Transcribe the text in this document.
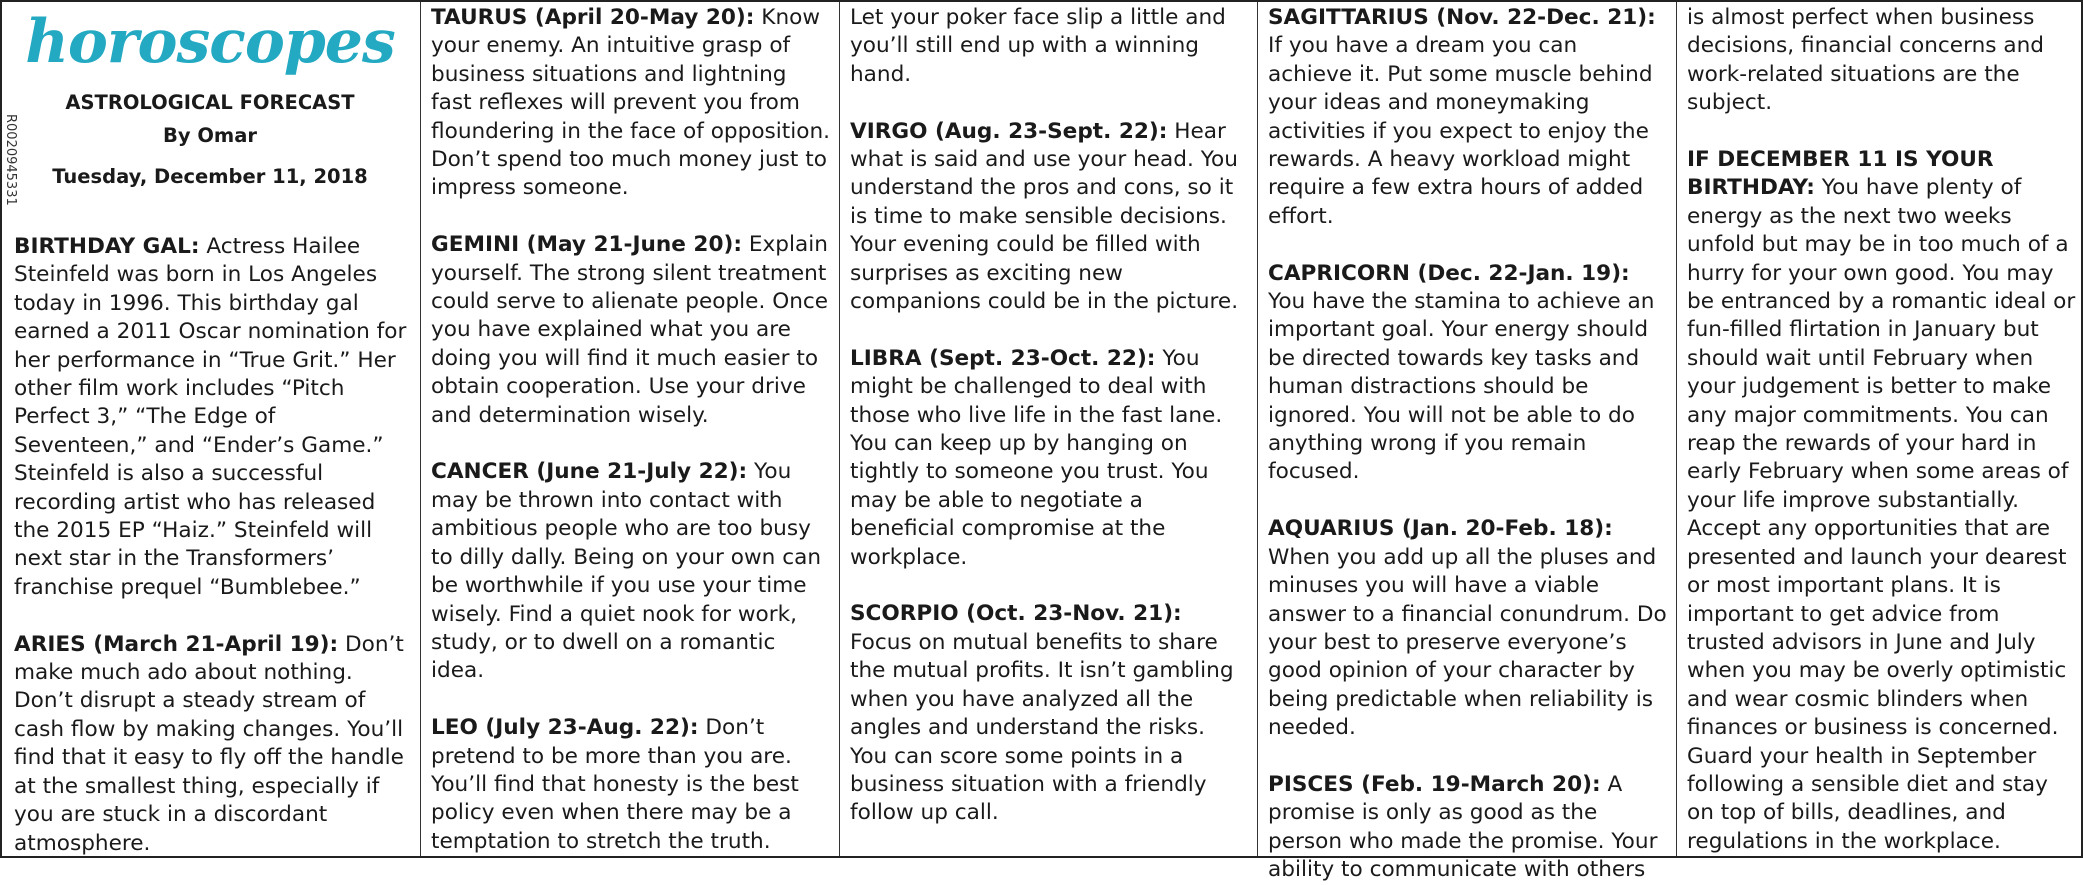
R0020945331
horoscopes
ASTROLOGICAL FORECAST
By Omar
Tuesday, December 11, 2018

BIRTHDAY GAL: Actress Hailee Steinfeld was born in Los Angeles today in 1996. This birthday gal earned a 2011 Oscar nomination for her performance in “True Grit.” Her other film work includes “Pitch Perfect 3,” “The Edge of Seventeen,” and “Ender’s Game.” Steinfeld is also a successful recording artist who has released the 2015 EP “Haiz.” Steinfeld will next star in the Transformers’ franchise prequel “Bumblebee.”

ARIES (March 21-April 19): Don’t make much ado about nothing. Don’t disrupt a steady stream of cash flow by making changes. You’ll find that it easy to fly off the handle at the smallest thing, especially if you are stuck in a discordant atmosphere.

TAURUS (April 20-May 20): Know your enemy. An intuitive grasp of business situations and lightning fast reflexes will prevent you from floundering in the face of opposition. Don’t spend too much money just to impress someone.

GEMINI (May 21-June 20): Explain yourself. The strong silent treatment could serve to alienate people. Once you have explained what you are doing you will find it much easier to obtain cooperation. Use your drive and determination wisely.

CANCER (June 21-July 22): You may be thrown into contact with ambitious people who are too busy to dilly dally. Being on your own can be worthwhile if you use your time wisely. Find a quiet nook for work, study, or to dwell on a romantic idea.

LEO (July 23-Aug. 22): Don’t pretend to be more than you are. You’ll find that honesty is the best policy even when there may be a temptation to stretch the truth.

Let your poker face slip a little and you’ll still end up with a winning hand.

VIRGO (Aug. 23-Sept. 22): Hear what is said and use your head. You understand the pros and cons, so it is time to make sensible decisions. Your evening could be filled with surprises as exciting new companions could be in the picture.

LIBRA (Sept. 23-Oct. 22): You might be challenged to deal with those who live life in the fast lane. You can keep up by hanging on tightly to someone you trust. You may be able to negotiate a beneficial compromise at the workplace.

SCORPIO (Oct. 23-Nov. 21): Focus on mutual benefits to share the mutual profits. It isn’t gambling when you have analyzed all the angles and understand the risks. You can score some points in a business situation with a friendly follow up call.

SAGITTARIUS (Nov. 22-Dec. 21): If you have a dream you can achieve it. Put some muscle behind your ideas and moneymaking activities if you expect to enjoy the rewards. A heavy workload might require a few extra hours of added effort.

CAPRICORN (Dec. 22-Jan. 19): You have the stamina to achieve an important goal. Your energy should be directed towards key tasks and human distractions should be ignored. You will not be able to do anything wrong if you remain focused.

AQUARIUS (Jan. 20-Feb. 18): When you add up all the pluses and minuses you will have a viable answer to a financial conundrum. Do your best to preserve everyone’s good opinion of your character by being predictable when reliability is needed.

PISCES (Feb. 19-March 20): A promise is only as good as the person who made the promise. Your ability to communicate with others

is almost perfect when business decisions, financial concerns and work-related situations are the subject.

IF DECEMBER 11 IS YOUR BIRTHDAY: You have plenty of energy as the next two weeks unfold but may be in too much of a hurry for your own good. You may be entranced by a romantic ideal or fun-filled flirtation in January but should wait until February when your judgement is better to make any major commitments. You can reap the rewards of your hard in early February when some areas of your life improve substantially. Accept any opportunities that are presented and launch your dearest or most important plans. It is important to get advice from trusted advisors in June and July when you may be overly optimistic and wear cosmic blinders when finances or business is concerned. Guard your health in September following a sensible diet and stay on top of bills, deadlines, and regulations in the workplace.
